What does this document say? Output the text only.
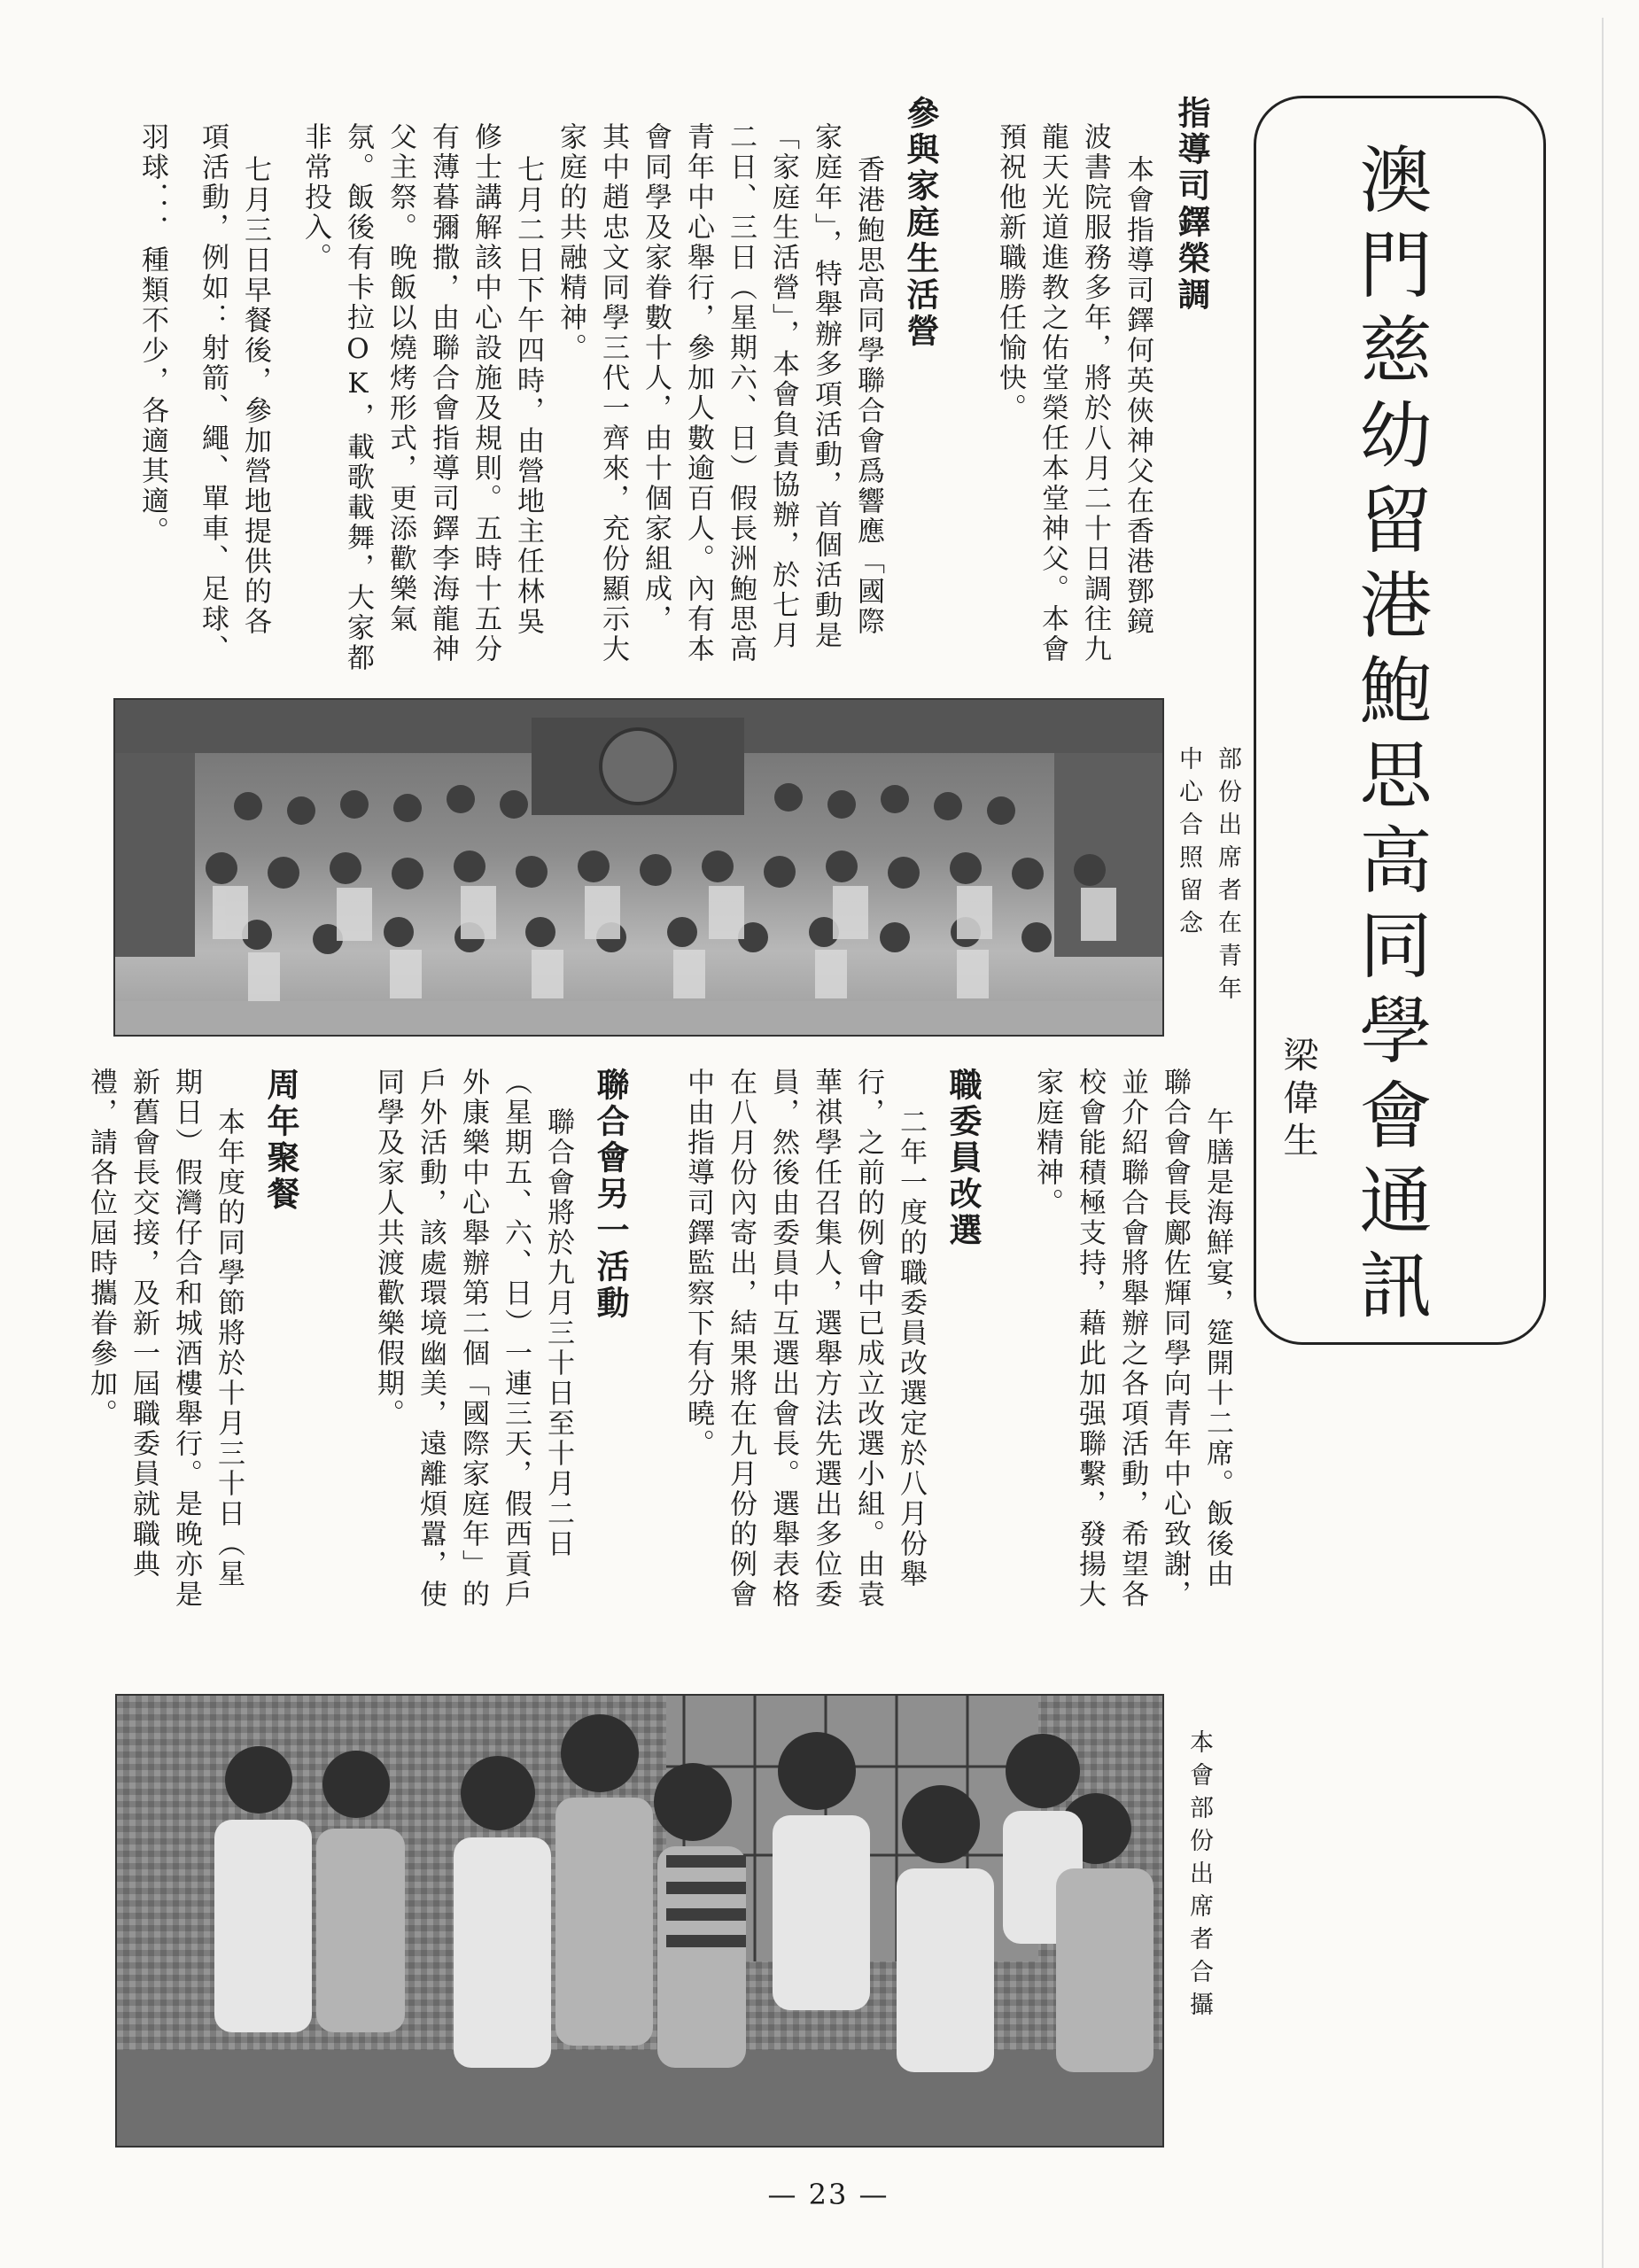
澳門慈幼留港鮑思高同學會通訊
梁偉生
指導司鐸榮調
本會指導司鐸何英俠神父在香港鄧鏡
波書院服務多年，將於八月二十日調往九
龍天光道進教之佑堂榮任本堂神父。本會
預祝他新職勝任愉快。
參與家庭生活營
香港鮑思高同學聯合會爲響應「國際
家庭年」，特舉辦多項活動，首個活動是
「家庭生活營」，本會負責協辦，於七月
二日、三日（星期六、日）假長洲鮑思高
青年中心舉行，參加人數逾百人。內有本
會同學及家眷數十人，由十個家組成，
其中趙忠文同學三代一齊來，充份顯示大
家庭的共融精神。
七月二日下午四時，由營地主任林吳
修士講解該中心設施及規則。五時十五分
有薄暮彌撒，由聯合會指導司鐸李海龍神
父主祭。晚飯以燒烤形式，更添歡樂氣
氛。飯後有卡拉OK，載歌載舞，大家都
非常投入。
七月三日早餐後，參加營地提供的各
項活動，例如：射箭、繩、單車、足球、
羽球．．．種類不少，各適其適。
部份出席者在青年
中心合照留念
午膳是海鮮宴，筵開十二席。飯後由
聯合會會長鄺佐輝同學向青年中心致謝，
並介紹聯合會將舉辦之各項活動，希望各
校會能積極支持，藉此加强聯繫，發揚大
家庭精神。
職委員改選
二年一度的職委員改選定於八月份舉
行，之前的例會中已成立改選小組。由袁
華祺學任召集人，選舉方法先選出多位委
員，然後由委員中互選出會長。選舉表格
在八月份內寄出，結果將在九月份的例會
中由指導司鐸監察下有分曉。
聯合會另一活動
聯合會將於九月三十日至十月二日
（星期五、六、日）一連三天，假西貢戶
外康樂中心舉辦第二個「國際家庭年」的
戶外活動，該處環境幽美，遠離煩囂，使
同學及家人共渡歡樂假期。
周年聚餐
本年度的同學節將於十月三十日（星
期日）假灣仔合和城酒樓舉行。是晚亦是
新舊會長交接，及新一屆職委員就職典
禮，請各位屆時攜眷參加。
本會部份出席者合攝
— 23 —
